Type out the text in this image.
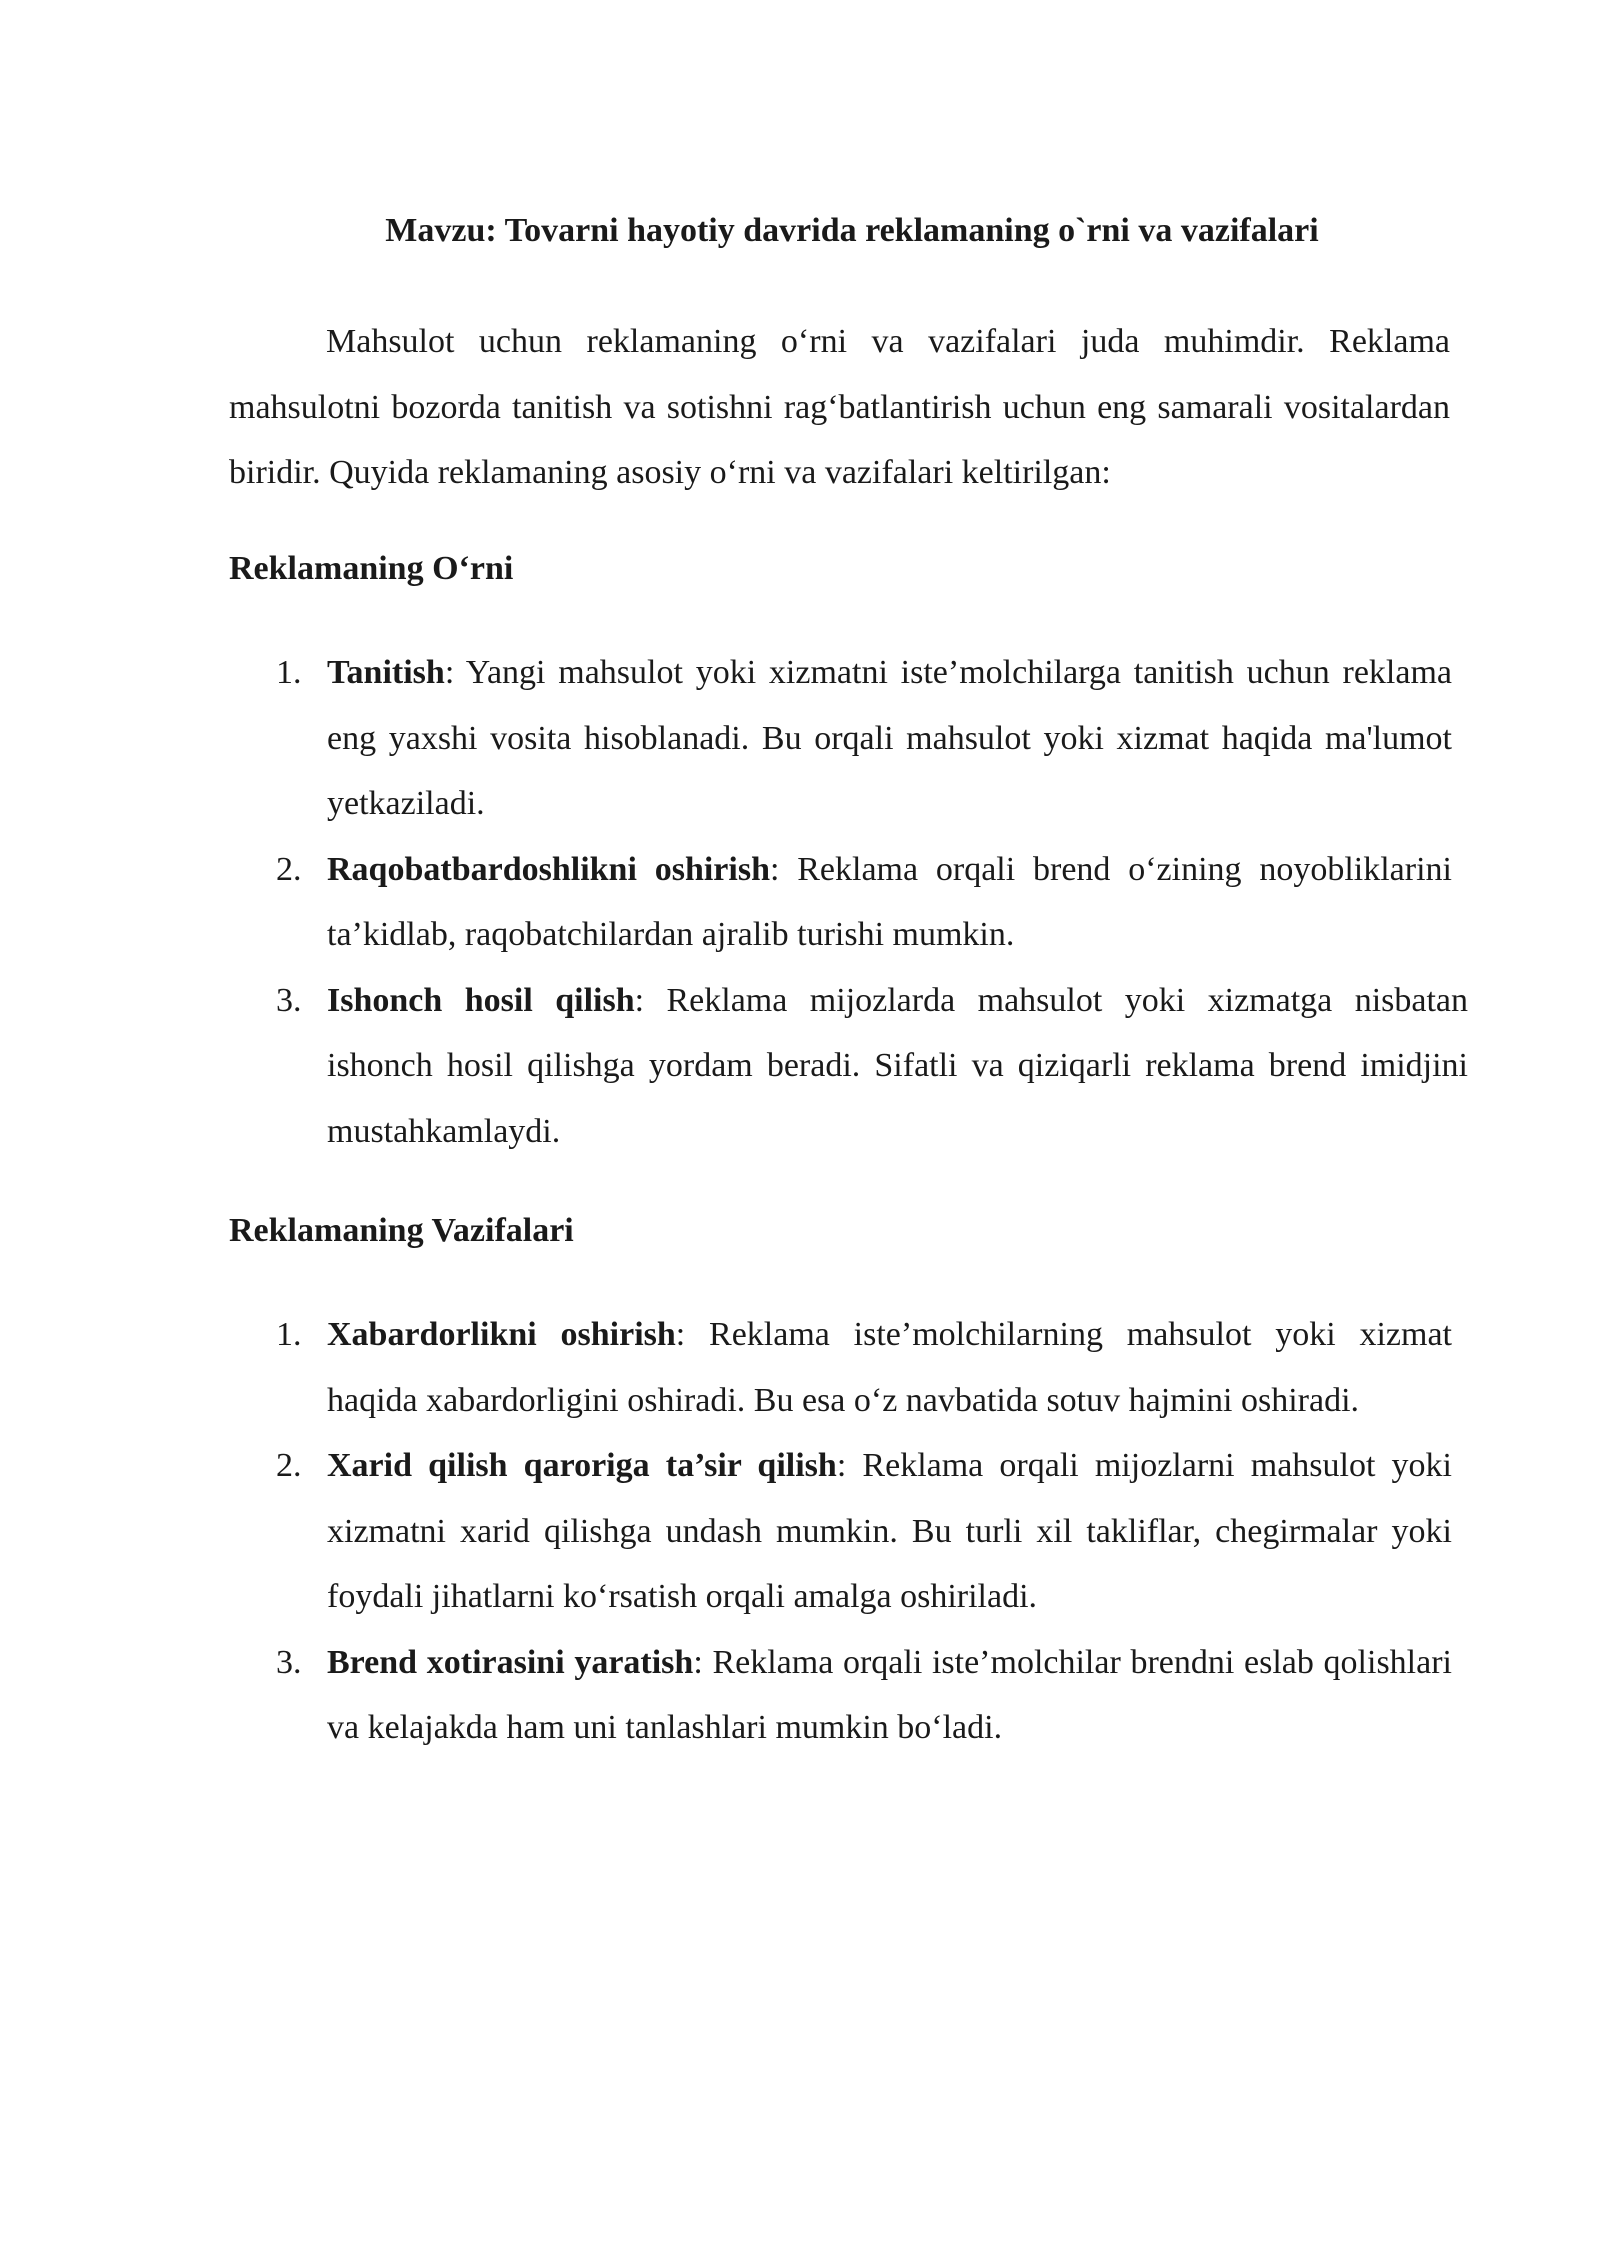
Mavzu: Tovarni hayotiy davrida reklamaning o`rni va vazifalari

Mahsulot uchun reklamaning o‘rni va vazifalari juda muhimdir. Reklama mahsulotni bozorda tanitish va sotishni rag‘batlantirish uchun eng samarali vositalardan biridir. Quyida reklamaning asosiy o‘rni va vazifalari keltirilgan:

Reklamaning O‘rni
1. Tanitish: Yangi mahsulot yoki xizmatni iste’molchilarga tanitish uchun reklama eng yaxshi vosita hisoblanadi. Bu orqali mahsulot yoki xizmat haqida ma'lumot yetkaziladi.
2. Raqobatbardoshlikni oshirish: Reklama orqali brend o‘zining noyobliklarini ta’kidlab, raqobatchilardan ajralib turishi mumkin.
3. Ishonch hosil qilish: Reklama mijozlarda mahsulot yoki xizmatga nisbatan ishonch hosil qilishga yordam beradi. Sifatli va qiziqarli reklama brend imidjini mustahkamlaydi.
Reklamaning Vazifalari
1. Xabardorlikni oshirish: Reklama iste’molchilarning mahsulot yoki xizmat haqida xabardorligini oshiradi. Bu esa o‘z navbatida sotuv hajmini oshiradi.
2. Xarid qilish qaroriga ta’sir qilish: Reklama orqali mijozlarni mahsulot yoki xizmatni xarid qilishga undash mumkin. Bu turli xil takliflar, chegirmalar yoki foydali jihatlarni ko‘rsatish orqali amalga oshiriladi.
3. Brend xotirasini yaratish: Reklama orqali iste’molchilar brendni eslab qolishlari va kelajakda ham uni tanlashlari mumkin bo‘ladi.
